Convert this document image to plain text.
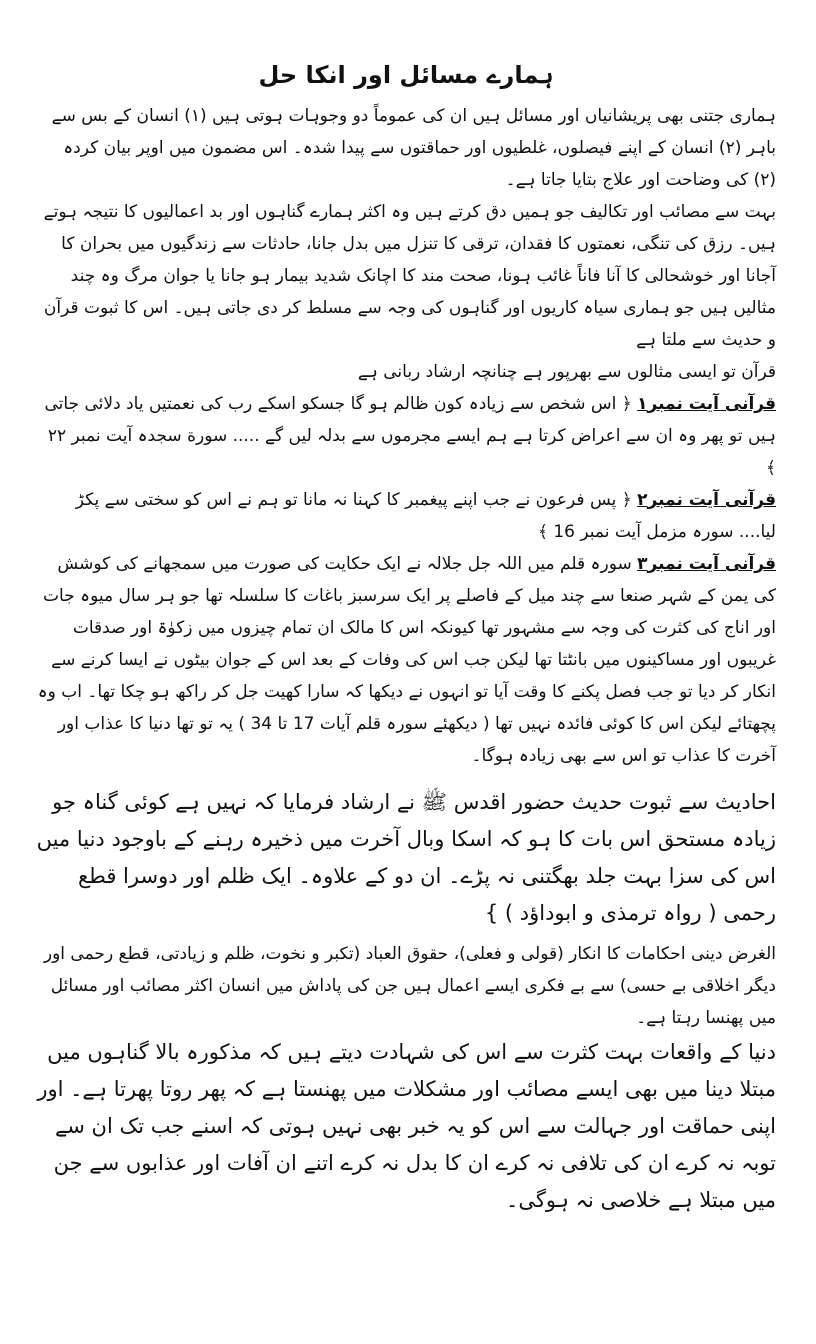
ہمارے مسائل اور انکا حل

ہماری جتنی بھی پریشانیاں اور مسائل ہیں ان کی عموماً دو وجوہات ہوتی ہیں (۱) انسان کے بس سے باہر (۲) انسان کے اپنے فیصلوں، غلطیوں اور حماقتوں سے پیدا شدہ۔ اس مضمون میں اوپر بیان کردہ (۲) کی وضاحت اور علاج بتایا جاتا ہے۔

بہت سے مصائب اور تکالیف جو ہمیں دق کرتے ہیں وہ اکثر ہمارے گناہوں اور بد اعمالیوں کا نتیجہ ہوتے ہیں۔ رزق کی تنگی، نعمتوں کا فقدان، ترقی کا تنزل میں بدل جانا، حادثات سے زندگیوں میں بحران کا آجانا اور خوشحالی کا آنا فاناً غائب ہونا، صحت مند کا اچانک شدید بیمار ہو جانا یا جوان مرگ وہ چند مثالیں ہیں جو ہماری سیاہ کاریوں اور گناہوں کی وجہ سے مسلط کر دی جاتی ہیں۔ اس کا ثبوت قرآن و حدیث سے ملتا ہے

قرآن تو ایسی مثالوں سے بھرپور ہے چنانچہ ارشاد ربانی ہے

قرآنی آیت نمبر۱ ﴿ اس شخص سے زیادہ کون ظالم ہو گا جسکو اسکے رب کی نعمتیں یاد دلائی جاتی ہیں تو پھر وہ ان سے اعراض کرتا ہے ہم ایسے مجرموں سے بدلہ لیں گے ..... سورة سجدہ آیت نمبر ۲۲ ﴾

قرآنی آیت نمبر۲ ﴿ پس فرعون نے جب اپنے پیغمبر کا کہنا نہ مانا تو ہم نے اس کو سختی سے پکڑ لیا.... سورہ مزمل آیت نمبر 16 ﴾

قرآنی آیت نمبر۳ سورہ قلم میں اللہ جل جلالہ نے ایک حکایت کی صورت میں سمجھانے کی کوشش کی یمن کے شہر صنعا سے چند میل کے فاصلے پر ایک سرسبز باغات کا سلسلہ تھا جو ہر سال میوہ جات اور اناج کی کثرت کی وجہ سے مشہور تھا کیونکہ اس کا مالک ان تمام چیزوں میں زکوٰۃ اور صدقات غریبوں اور مساکینوں میں بانٹتا تھا لیکن جب اس کی وفات کے بعد اس کے جوان بیٹوں نے ایسا کرنے سے انکار کر دیا تو جب فصل پکنے کا وقت آیا تو انہوں نے دیکھا کہ سارا کھیت جل کر راکھ ہو چکا تھا۔ اب وہ پچھتائے لیکن اس کا کوئی فائدہ نہیں تھا ( دیکھئے سورہ قلم آیات 17 تا 34 ) یہ تو تھا دنیا کا عذاب اور آخرت کا عذاب تو اس سے بھی زیادہ ہوگا۔

احادیث سے ثبوت حدیث حضور اقدس ﷺ نے ارشاد فرمایا کہ نہیں ہے کوئی گناہ جو زیادہ مستحق اس بات کا ہو کہ اسکا وبال آخرت میں ذخیرہ رہنے کے باوجود دنیا میں اس کی سزا بہت جلد بھگتنی نہ پڑے۔ ان دو کے علاوہ۔ ایک ظلم اور دوسرا قطع رحمی ( رواہ ترمذی و ابوداؤد ) }

الغرض دینی احکامات کا انکار (قولی و فعلی)، حقوق العباد (تکبر و نخوت، ظلم و زیادتی، قطع رحمی اور دیگر اخلاقی بے حسی) سے بے فکری ایسے اعمال ہیں جن کی پاداش میں انسان اکثر مصائب اور مسائل میں پھنسا رہتا ہے۔

دنیا کے واقعات بہت کثرت سے اس کی شہادت دیتے ہیں کہ مذکورہ بالا گناہوں میں مبتلا دینا میں بھی ایسے مصائب اور مشکلات میں پھنستا ہے کہ پھر روتا پھرتا ہے۔ اور اپنی حماقت اور جہالت سے اس کو یہ خبر بھی نہیں ہوتی کہ اسنے جب تک ان سے توبہ نہ کرے ان کی تلافی نہ کرے ان کا بدل نہ کرے اتنے ان آفات اور عذابوں سے جن میں مبتلا ہے خلاصی نہ ہوگی۔
